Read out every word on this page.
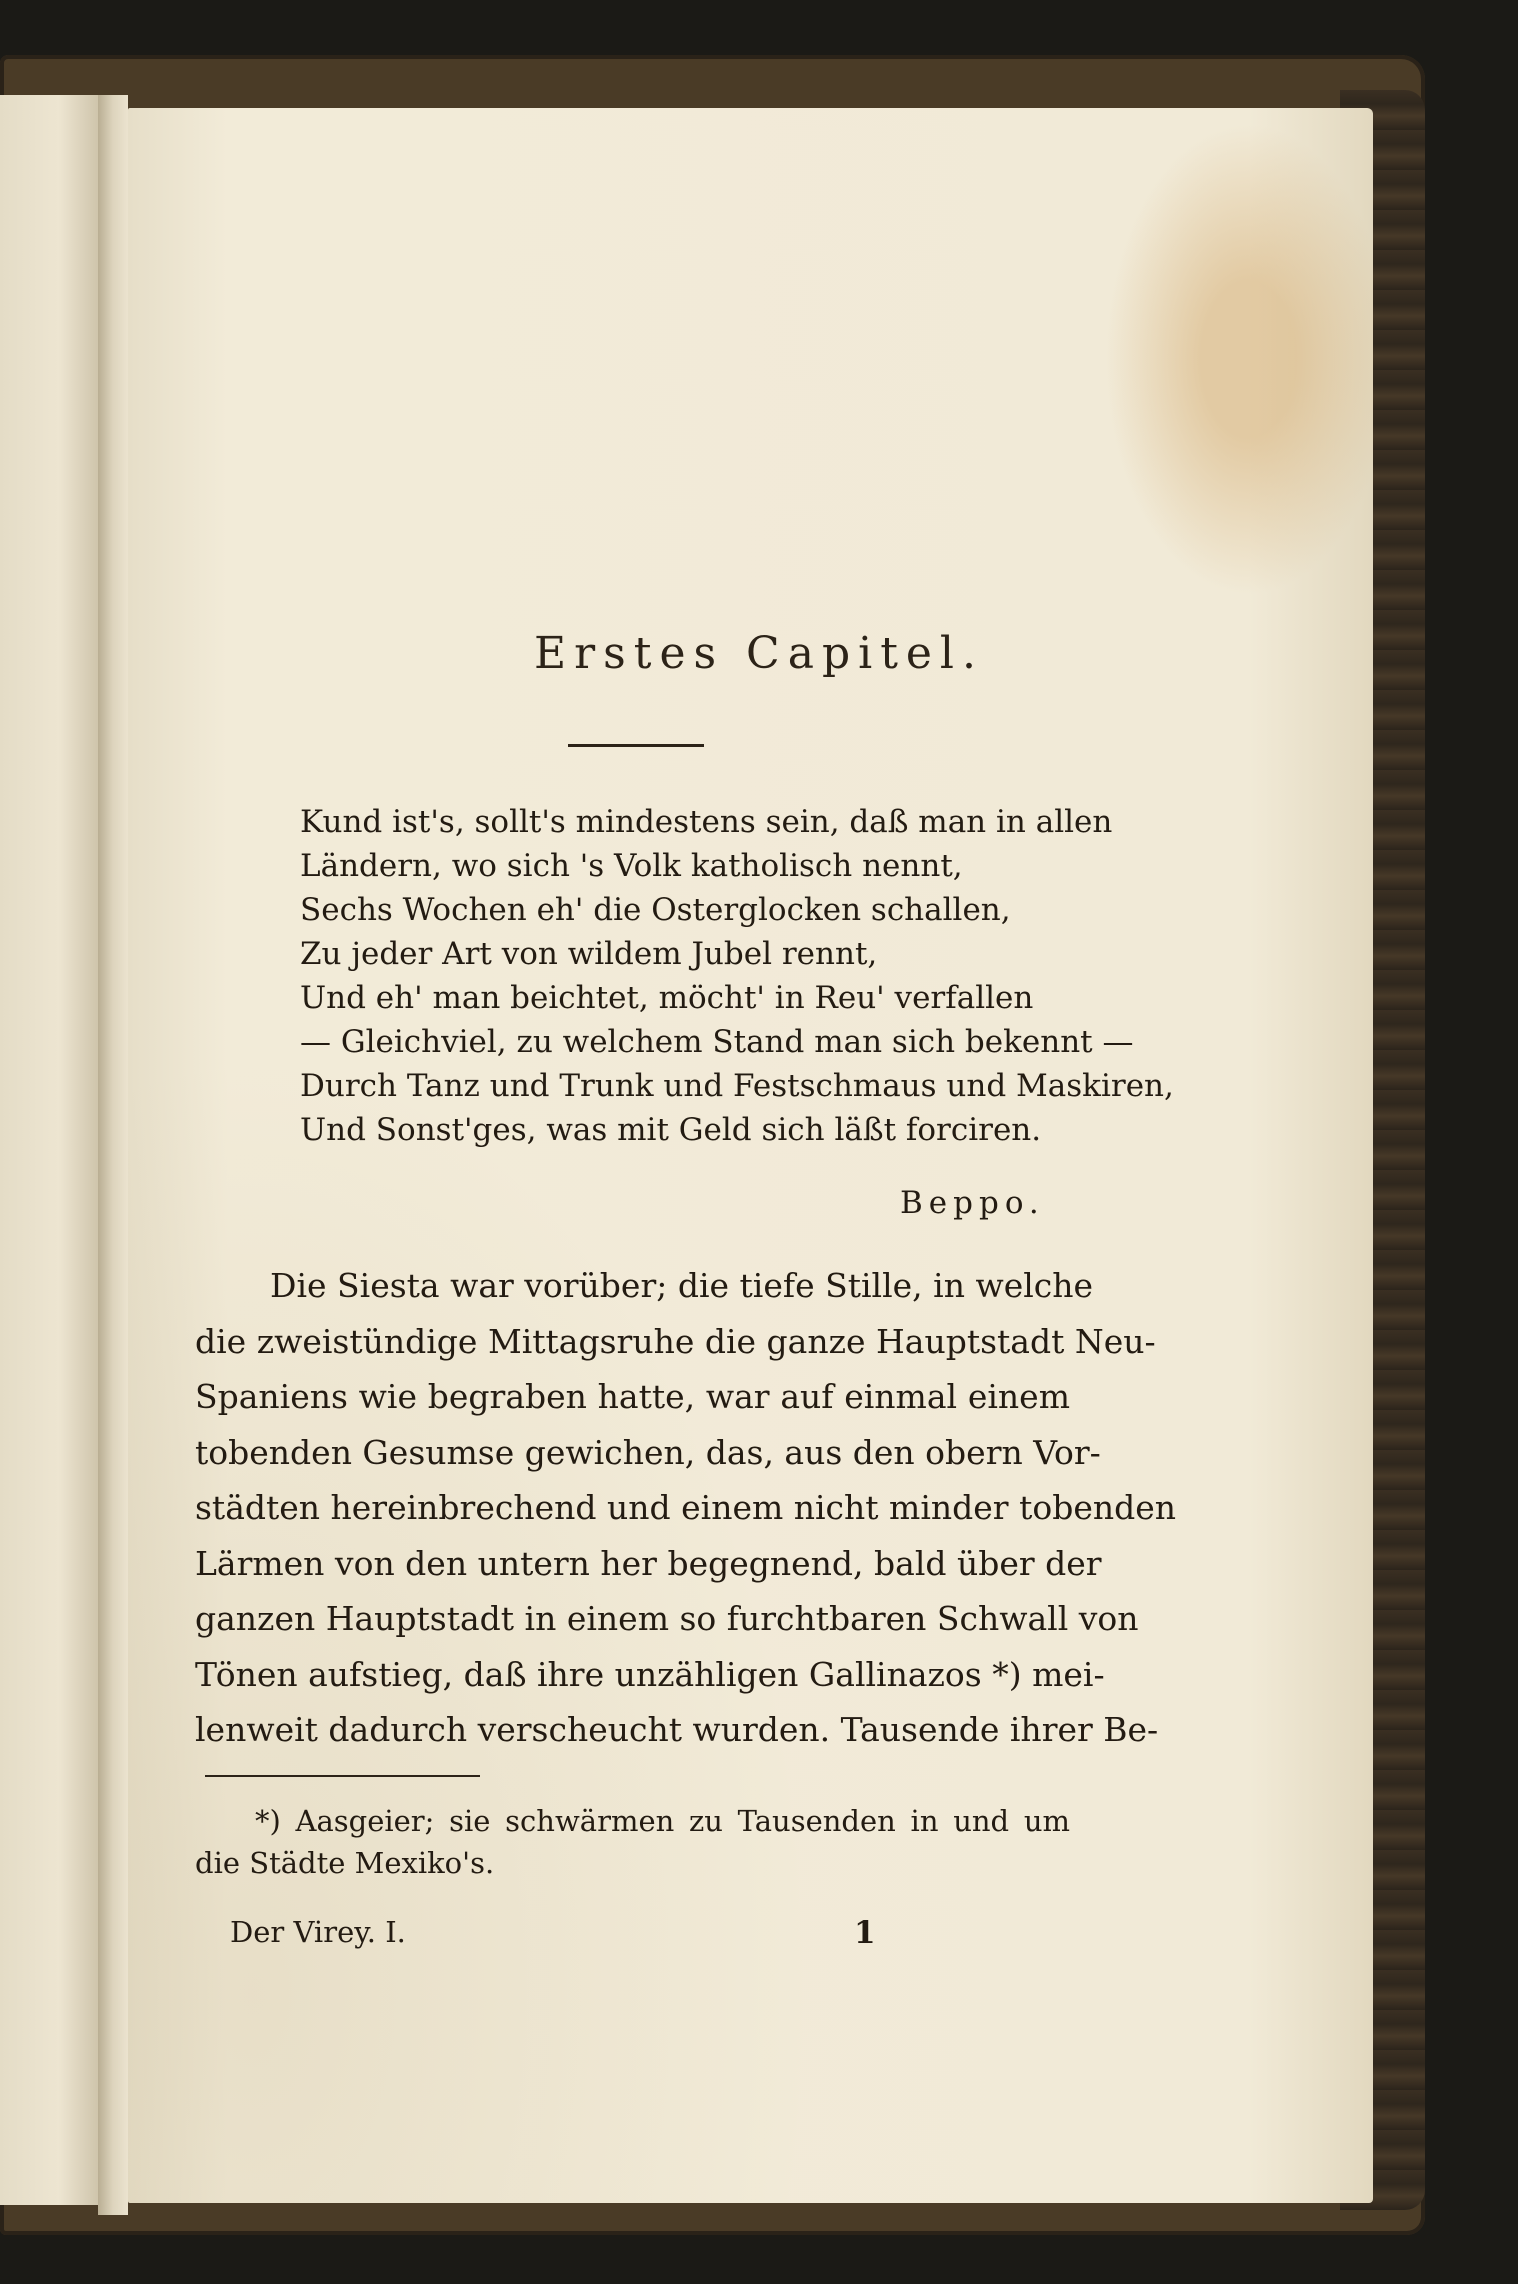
Erstes Capitel.
Kund ist's, sollt's mindestens sein, daß man in allen
Ländern, wo sich 's Volk katholisch nennt,
Sechs Wochen eh' die Osterglocken schallen,
Zu jeder Art von wildem Jubel rennt,
Und eh' man beichtet, möcht' in Reu' verfallen
— Gleichviel, zu welchem Stand man sich bekennt —
Durch Tanz und Trunk und Festschmaus und Maskiren,
Und Sonst'ges, was mit Geld sich läßt forciren.
Beppo.
Die Siesta war vorüber; die tiefe Stille, in welche
die zweistündige Mittagsruhe die ganze Hauptstadt Neu-
Spaniens wie begraben hatte, war auf einmal einem
tobenden Gesumse gewichen, das, aus den obern Vor-
städten hereinbrechend und einem nicht minder tobenden
Lärmen von den untern her begegnend, bald über der
ganzen Hauptstadt in einem so furchtbaren Schwall von
Tönen aufstieg, daß ihre unzähligen Gallinazos *) mei-
lenweit dadurch verscheucht wurden. Tausende ihrer Be-
*) Aasgeier; sie schwärmen zu Tausenden in und um
die Städte Mexiko's.
Der Virey. I.	1
